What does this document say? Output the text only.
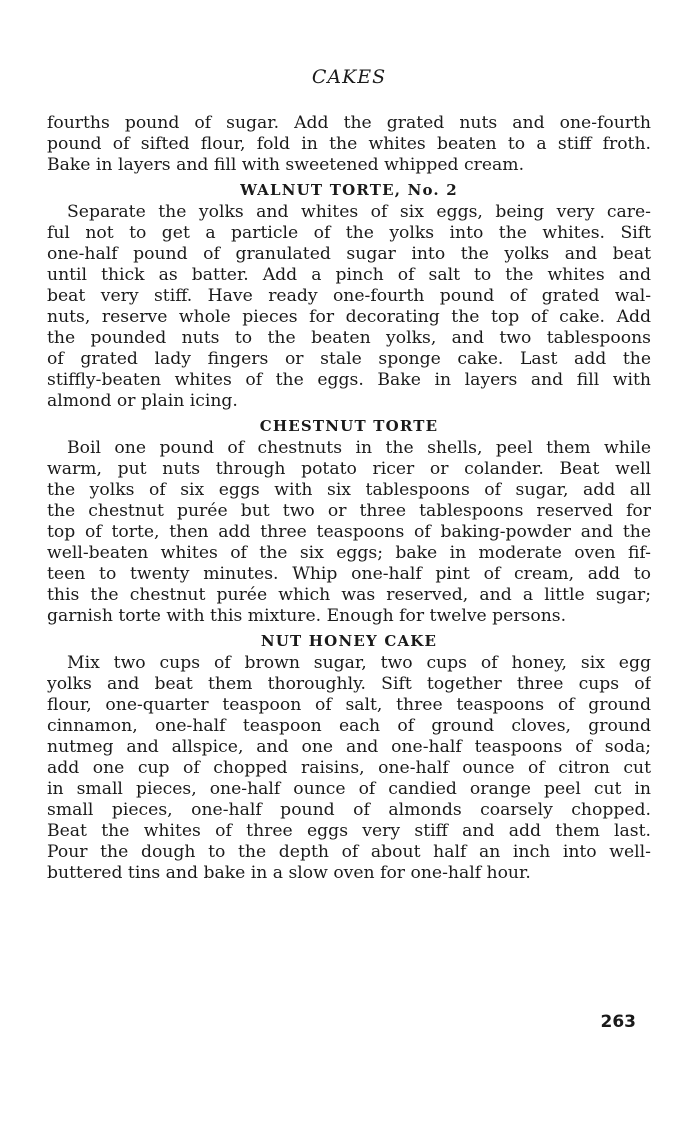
CAKES
fourths pound of sugar. Add the grated nuts and one-fourth
pound of sifted flour, fold in the whites beaten to a stiff froth.
Bake in layers and fill with sweetened whipped cream.
WALNUT TORTE, No. 2
Separate the yolks and whites of six eggs, being very care-
ful not to get a particle of the yolks into the whites. Sift
one-half pound of granulated sugar into the yolks and beat
until thick as batter. Add a pinch of salt to the whites and
beat very stiff. Have ready one-fourth pound of grated wal-
nuts, reserve whole pieces for decorating the top of cake. Add
the pounded nuts to the beaten yolks, and two tablespoons
of grated lady fingers or stale sponge cake. Last add the
stiffly-beaten whites of the eggs. Bake in layers and fill with
almond or plain icing.
CHESTNUT TORTE
Boil one pound of chestnuts in the shells, peel them while
warm, put nuts through potato ricer or colander. Beat well
the yolks of six eggs with six tablespoons of sugar, add all
the chestnut purée but two or three tablespoons reserved for
top of torte, then add three teaspoons of baking-powder and the
well-beaten whites of the six eggs; bake in moderate oven fif-
teen to twenty minutes. Whip one-half pint of cream, add to
this the chestnut purée which was reserved, and a little sugar;
garnish torte with this mixture. Enough for twelve persons.
NUT HONEY CAKE
Mix two cups of brown sugar, two cups of honey, six egg
yolks and beat them thoroughly. Sift together three cups of
flour, one-quarter teaspoon of salt, three teaspoons of ground
cinnamon, one-half teaspoon each of ground cloves, ground
nutmeg and allspice, and one and one-half teaspoons of soda;
add one cup of chopped raisins, one-half ounce of citron cut
in small pieces, one-half ounce of candied orange peel cut in
small pieces, one-half pound of almonds coarsely chopped.
Beat the whites of three eggs very stiff and add them last.
Pour the dough to the depth of about half an inch into well-
buttered tins and bake in a slow oven for one-half hour.
263
